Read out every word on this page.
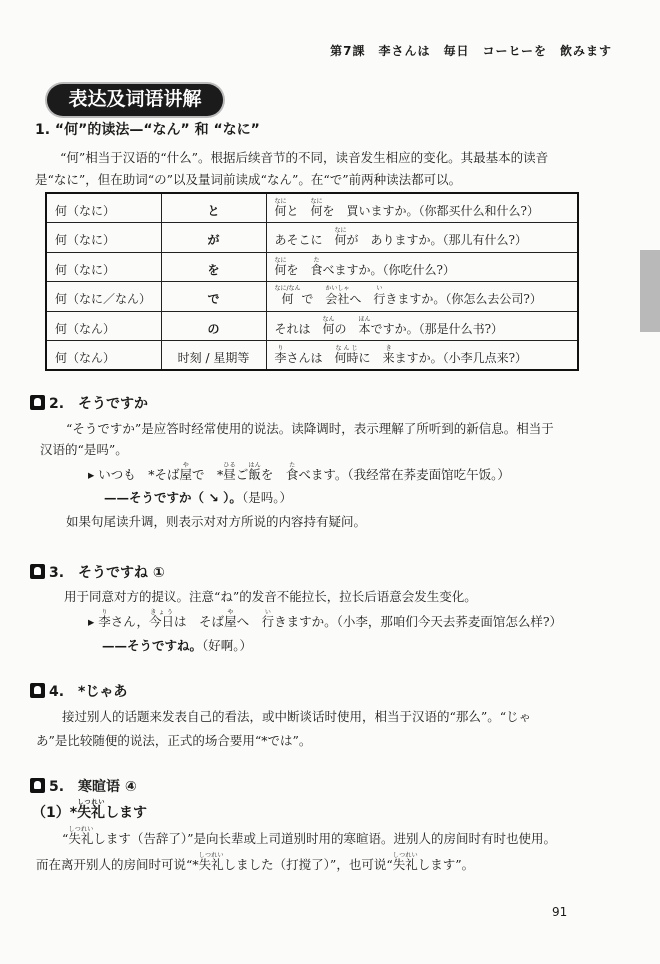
第7課　李さんは　毎日　コーヒーを　飲みます
表达及词语讲解
1. “何”的读法—“なん” 和 “なに”
“何”相当于汉语的“什么”。根据后续音节的不同，读音发生相应的变化。其最基本的读音
是“なに”，但在助词“の”以及量词前读成“なん”。在“で”前两种读法都可以。
何（なに）	と	何なにと　何なにを　買いますか。（你都买什么和什么?）
何（なに）	が	あそこに　何なにが　ありますか。（那儿有什么?）
何（なに）	を	何なにを　食たべますか。（你吃什么?）
何（なに／なん）	で	何なに/なん で　会社かいしゃへ　行いきますか。（你怎么去公司?）
何（なん）	の	それは　何なんの　本ほんですか。（那是什么书?）
何（なん）	时刻 / 星期等	李りさんは　何時なんじに　来きますか。（小李几点来?）
2.　そうですか
“そうですか”是应答时经常使用的说法。读降调时，表示理解了所听到的新信息。相当于
汉语的“是吗”。
▸ いつも　*そば屋やで　*昼ひるご飯はんを　食たべます。（我经常在荞麦面馆吃午饭。）
——そうですか（ ↘ ）。（是吗。）
如果句尾读升调，则表示对对方所说的内容持有疑问。
3.　そうですね ①
用于同意对方的提议。注意“ね”的发音不能拉长，拉长后语意会发生变化。
▸ 李りさん，今日きょうは　そば屋やへ　行いきますか。（小李，那咱们今天去荞麦面馆怎么样?）
——そうですね。（好啊。）
4.　*じゃあ
接过别人的话题来发表自己的看法，或中断谈话时使用，相当于汉语的“那么”。“じゃ
あ”是比较随便的说法，正式的场合要用“*では”。
5.　寒暄语 ④
（1）*失礼しつれいします
“失礼しつれいします（告辞了）”是向长辈或上司道别时用的寒暄语。进别人的房间时有时也使用。
而在离开别人的房间时可说“*失礼しつれいしました（打搅了）”，也可说“失礼しつれいします”。
91
